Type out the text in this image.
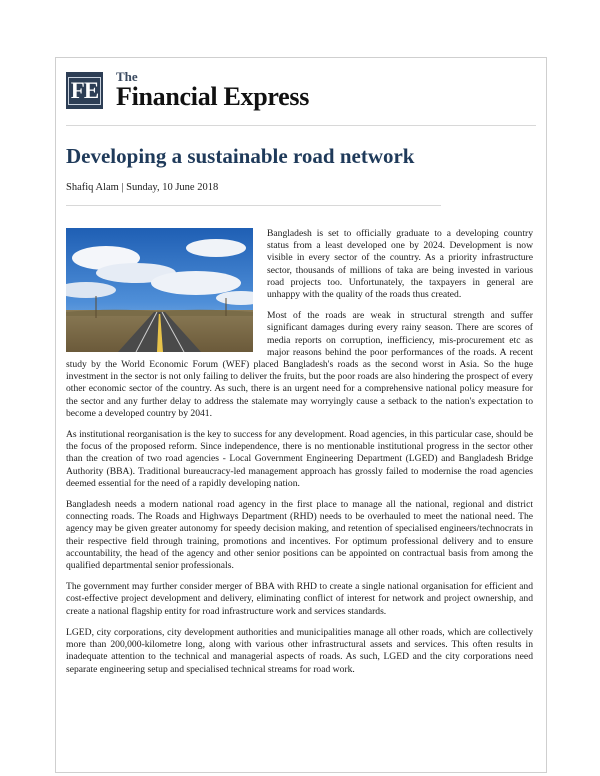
FE
The
Financial Express
Developing a sustainable road network
Shafiq Alam | Sunday, 10 June 2018

Bangladesh is set to officially graduate to a developing country status from a least developed one by 2024. Development is now visible in every sector of the country. As a priority infrastructure sector, thousands of millions of taka are being invested in various road projects too. Unfortunately, the taxpayers in general are unhappy with the quality of the roads thus created.

Most of the roads are weak in structural strength and suffer significant damages during every rainy season. There are scores of media reports on corruption, inefficiency, mis-procurement etc as major reasons behind the poor performances of the roads. A recent study by the World Economic Forum (WEF) placed Bangladesh's roads as the second worst in Asia. So the huge investment in the sector is not only failing to deliver the fruits, but the poor roads are also hindering the prospect of every other economic sector of the country. As such, there is an urgent need for a comprehensive national policy measure for the sector and any further delay to address the stalemate may worryingly cause a setback to the nation's expectation to become a developed country by 2041.

As institutional reorganisation is the key to success for any development. Road agencies, in this particular case, should be the focus of the proposed reform. Since independence, there is no mentionable institutional progress in the sector other than the creation of two road agencies - Local Government Engineering Department (LGED) and Bangladesh Bridge Authority (BBA). Traditional bureaucracy-led management approach has grossly failed to modernise the road agencies deemed essential for the need of a rapidly developing nation.

Bangladesh needs a modern national road agency in the first place to manage all the national, regional and district connecting roads. The Roads and Highways Department (RHD) needs to be overhauled to meet the national need. The agency may be given greater autonomy for speedy decision making, and retention of specialised engineers/technocrats in their respective field through training, promotions and incentives. For optimum professional delivery and to ensure accountability, the head of the agency and other senior positions can be appointed on contractual basis from among the qualified departmental senior professionals.

The government may further consider merger of BBA with RHD to create a single national organisation for efficient and cost-effective project development and delivery, eliminating conflict of interest for network and project ownership, and create a national flagship entity for road infrastructure work and services standards.

LGED, city corporations, city development authorities and municipalities manage all other roads, which are collectively more than 200,000-kilometre long, along with various other infrastructural assets and services. This often results in inadequate attention to the technical and managerial aspects of roads. As such, LGED and the city corporations need separate engineering setup and specialised technical streams for road work.
